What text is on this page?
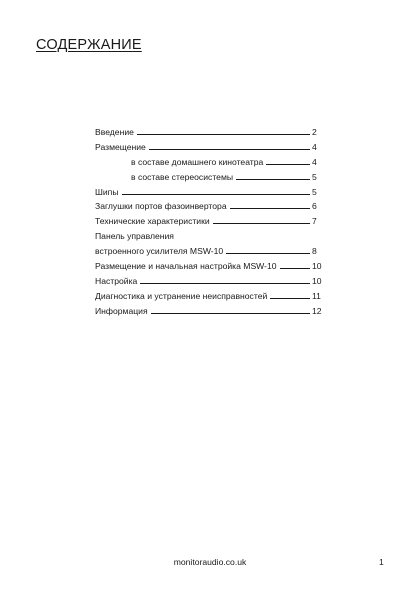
СОДЕРЖАНИЕ
Введение	2
Размещение	4
в составе домашнего кинотеатра	4
в составе стереосистемы	5
Шипы	5
Заглушки портов фазоинвертора	6
Технические характеристики	7
Панель управления
встроенного усилителя MSW-10	8
Размещение и начальная настройка MSW-10	10
Настройка	10
Диагностика и устранение неисправностей	11
Информация	12
monitoraudio.co.uk	1
